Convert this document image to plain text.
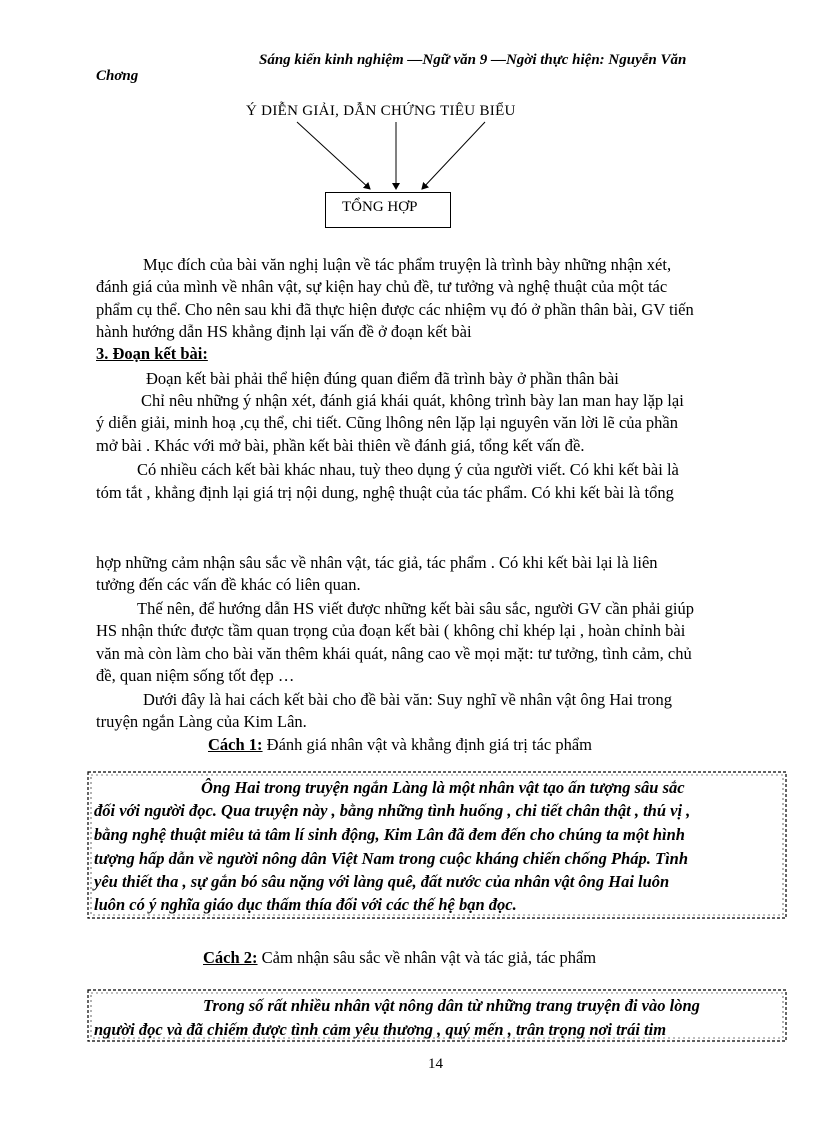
Sáng kiến kinh nghiệm —Ngữ văn 9 —Ngời thực hiện: Nguyễn Văn
Chơng
Ý DIỄN GIẢI, DẪN CHỨNG TIÊU BIỂU
TỔNG HỢP
Mục đích của bài văn nghị luận về tác phẩm truyện là trình bày những nhận xét,
đánh giá của mình về nhân vật, sự kiện hay chủ đề, tư tưởng và nghệ thuật của một tác
phẩm cụ thể. Cho nên sau khi đã thực hiện được các nhiệm vụ đó ở phần thân bài, GV tiến
hành hướng dẫn HS khẳng định lại vấn đề ở đoạn kết bài
3. Đoạn kết bài:
Đoạn kết bài phải thể hiện đúng quan điểm đã trình bày ở phần thân bài
Chỉ nêu những ý nhận xét, đánh giá khái quát, không trình bày lan man hay lặp lại
ý diễn giải, minh hoạ ,cụ thể, chi tiết. Cũng lhông nên lặp lại nguyên văn lời lẽ của phần
mở bài . Khác với mở bài, phần kết bài thiên về đánh giá, tổng kết vấn đề.
Có nhiều cách kết bài khác nhau, tuỳ theo dụng ý của người viết. Có khi kết bài là
tóm tắt , khẳng định lại giá trị nội dung, nghệ thuật của tác phẩm. Có khi kết bài là tổng
hợp những cảm nhận sâu sắc về nhân vật, tác giả, tác phẩm . Có khi kết bài lại là liên
tưởng đến các vấn đề khác có liên quan.
Thế nên, để hướng dẫn HS viết được những kết bài sâu sắc, người GV cần phải giúp
HS nhận thức được tầm quan trọng của đoạn kết bài ( không chỉ khép lại , hoàn chỉnh bài
văn mà còn làm cho bài văn thêm khái quát, nâng cao về mọi mặt: tư tưởng, tình cảm, chủ
đề, quan niệm sống tốt đẹp …
Dưới đây là hai cách kết bài cho đề bài văn: Suy nghĩ về nhân vật ông Hai trong
truyện ngắn Làng của Kim Lân.
Cách 1: Đánh giá nhân vật và khẳng định giá trị tác phẩm
Ông Hai trong truyện ngắn Làng là một nhân vật tạo ấn tượng sâu sắc
đối với người đọc. Qua truyện này , bằng những tình huống , chi tiết chân thật , thú vị ,
bằng nghệ thuật miêu tả tâm lí sinh động, Kim Lân đã đem đến cho chúng ta một hình
tượng hấp dẫn về người nông dân Việt Nam trong cuộc kháng chiến chống Pháp. Tình
yêu thiết tha , sự gắn bó sâu nặng với làng quê, đất nước của nhân vật ông Hai luôn
luôn có ý nghĩa giáo dục thấm thía đối với các thế hệ bạn đọc.
Cách 2: Cảm nhận sâu sắc về nhân vật và tác giả, tác phẩm
Trong số rất nhiều nhân vật nông dân từ những trang truyện đi vào lòng
người đọc và đã chiếm được tình cảm yêu thương , quý mến , trân trọng nơi trái tim
14
